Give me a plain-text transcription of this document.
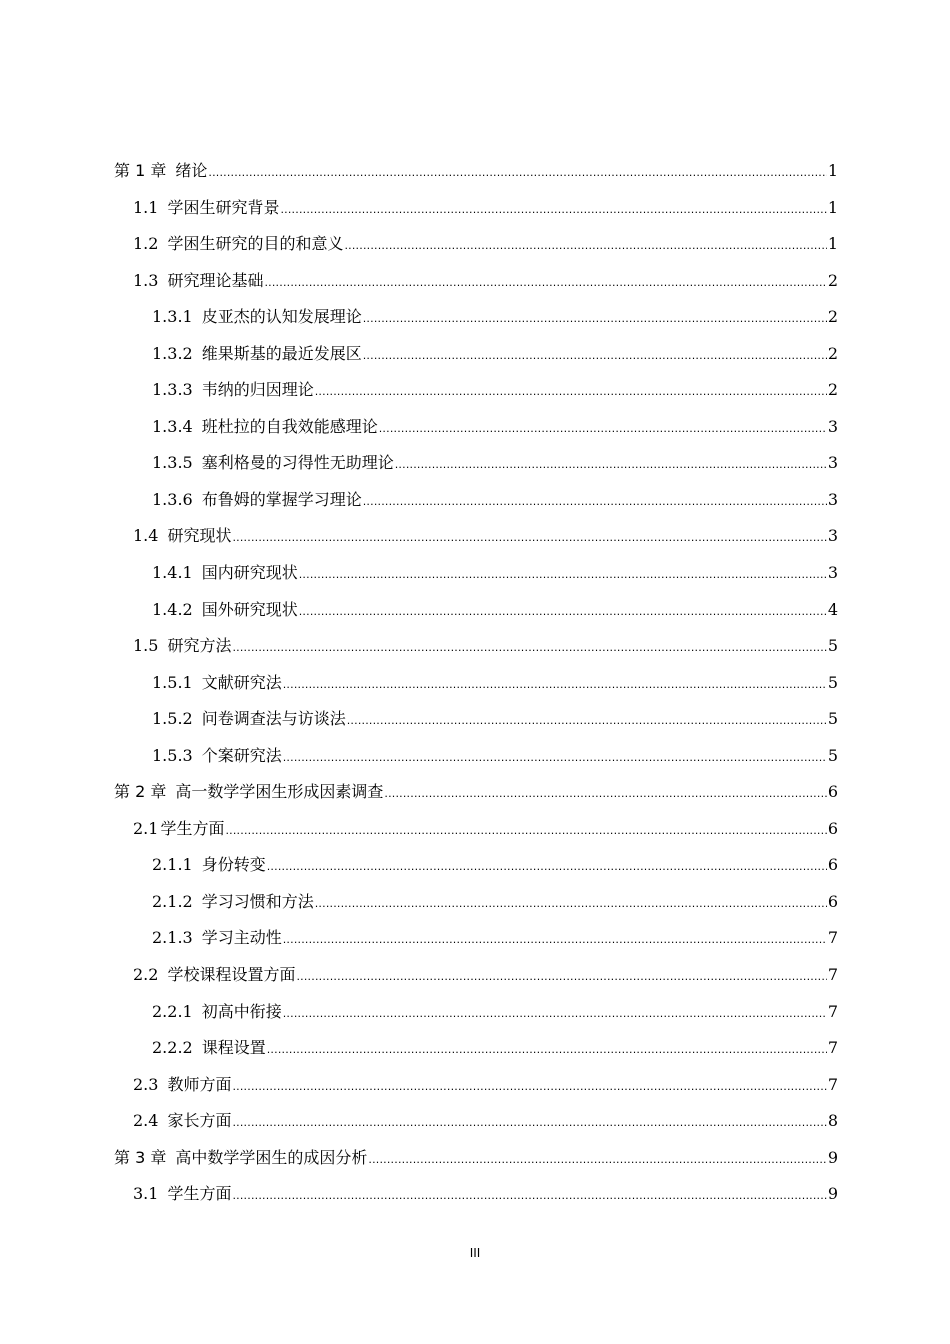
第 1 章 绪论 .....	1
1.1 学困生研究背景 .....	1
1.2 学困生研究的目的和意义 .....	1
1.3 研究理论基础 .....	2
1.3.1 皮亚杰的认知发展理论 .....	2
1.3.2 维果斯基的最近发展区 .....	2
1.3.3 韦纳的归因理论 .....	2
1.3.4 班杜拉的自我效能感理论 .....	3
1.3.5 塞利格曼的习得性无助理论 .....	3
1.3.6 布鲁姆的掌握学习理论 .....	3
1.4 研究现状 .....	3
1.4.1 国内研究现状 .....	3
1.4.2 国外研究现状 .....	4
1.5 研究方法 .....	5
1.5.1 文献研究法 .....	5
1.5.2 问卷调查法与访谈法 .....	5
1.5.3 个案研究法 .....	5
第 2 章 高一数学学困生形成因素调查 .....	6
2.1 学生方面 .....	6
2.1.1 身份转变 .....	6
2.1.2 学习习惯和方法 .....	6
2.1.3 学习主动性 .....	7
2.2 学校课程设置方面 .....	7
2.2.1 初高中衔接 .....	7
2.2.2 课程设置 .....	7
2.3 教师方面 .....	7
2.4 家长方面 .....	8
第 3 章 高中数学学困生的成因分析 .....	9
3.1 学生方面 .....	9
III
